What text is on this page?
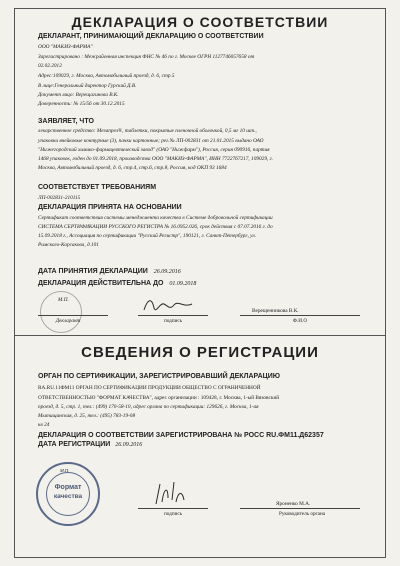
ДЕКЛАРАЦИЯ О СООТВЕТСТВИИ
ДЕКЛАРАНТ, ПРИНИМАЮЩИЙ ДЕКЛАРАЦИЮ О СООТВЕТСТВИИ
ООО "МАКИЗ-ФАРМА"
Зарегистрировано : Межрайонная инспекция ФНС № 46 по г. Москве ОГРН 1127746057658 от
02.02.2012
Адрес:109029, г. Москва, Автомобильный проезд, д. 6, стр.5
В лице:Генеральный директор Гурский Д.В.
Документ лицо: Верещагинова В.К.
Доверенность: № 15/56 от 30.12.2015
ЗАЯВЛЯЕТ, ЧТО
лекарственное средство: Мезапрел®, таблетки, покрытые пленочной оболочкой, 0,5 мг 10 шт.,
упаковки ячейковые контурные (3), пачки картонные; рег.№ ЛП-002831 от 21.01.2015 выдано ОАО
"Нижегородский химико-фармацевтический завод" (ОАО "Нижфарм"), Россия, серия 090916, партия
1468 упаковок, годен до 01.09.2018, производства ООО "МАКИЗ-ФАРМА", ИНН 7722767217, 109029, г.
Москва, Автомобильный проезд, д. 6, стр.4, стр.6, стр.8, Россия, код ОКП 93 1684
СООТВЕТСТВУЕТ ТРЕБОВАНИЯМ
ЛП-002831-210115
ДЕКЛАРАЦИЯ ПРИНЯТА НА ОСНОВАНИИ
Сертификат соответствия системы менеджмента качества в Системе добровольной сертификации
СИСТЕМА СЕРТИФИКАЦИИ РУССКОГО РЕГИСТРА № 16.0952.026, срок действия с 07.07.2016 г. до
15.09.2018 г., Ассоциация по сертификации "Русский Регистр", 190121, г. Санкт-Петербург, ул.
Римского-Корсакова, д.101
ДАТА ПРИНЯТИЯ ДЕКЛАРАЦИИ 26.09.2016
ДЕКЛАРАЦИЯ ДЕЙСТВИТЕЛЬНА ДО 01.09.2018
М.П.
Декларант	подпись
Верещенникова В.К.
Ф.И.О
СВЕДЕНИЯ О РЕГИСТРАЦИИ
ОРГАН ПО СЕРТИФИКАЦИИ, ЗАРЕГИСТРИРОВАВШИЙ ДЕКЛАРАЦИЮ
RA.RU.11ФМ11 ОРГАН ПО СЕРТИФИКАЦИИ ПРОДУКЦИИ ОБЩЕСТВО С ОГРАНИЧЕННОЙ
ОТВЕТСТВЕННОСТЬЮ "ФОРМАТ КАЧЕСТВА", адрес организации : 109428, г. Москва, 1-ый Вязовский
проезд, д. 5, стр. 1, тел.: (499) 170-58-10, адрес органа по сертификации: 129626, г. Москва, 1-ая
Мытищинская, д. 25, тел.: (495) 783-19-08
кв 24
ДЕКЛАРАЦИЯ О СООТВЕТСТВИИ ЗАРЕГИСТРИРОВАНА № РОСС RU.ФМ11.Д62357
ДАТА РЕГИСТРАЦИИ 26.09.2016
Формат
качества
М.П.
подпись
Яроненко М.А.
Руководитель органа
